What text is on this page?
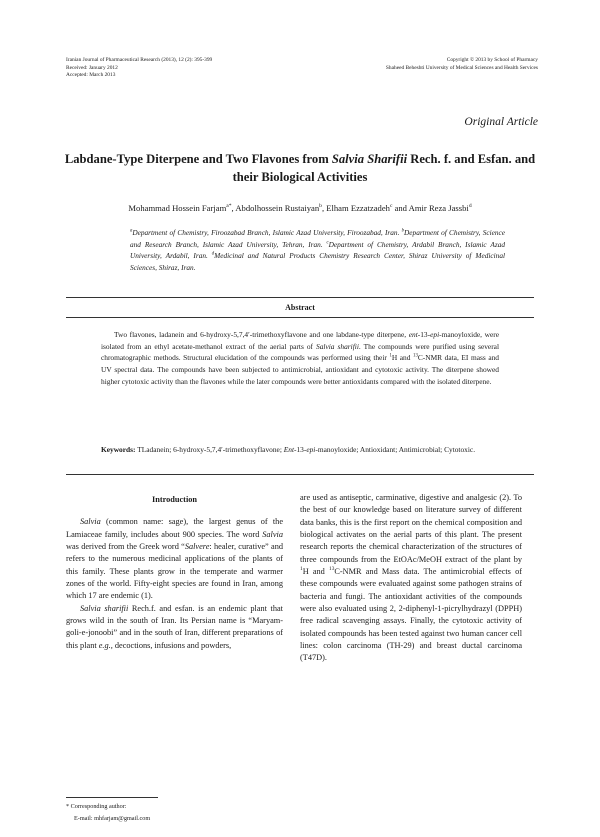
Iranian Journal of Pharmaceutical Research (2013), 12 (2): 395-399
Received: January 2012
Accepted: March 2013
Copyright © 2013 by School of Pharmacy
Shaheed Beheshti University of Medical Sciences and Health Services
Original Article
Labdane-Type Diterpene and Two Flavones from Salvia Sharifii Rech. f. and Esfan. and their Biological Activities
Mohammad Hossein Farjam$^{a*}$, Abdolhossein Rustaiyan$^b$, Elham Ezzatzadeh$^c$ and Amir Reza Jassbi$^d$
$^a$Department of Chemistry, Firoozabad Branch, Islamic Azad University, Firoozabad, Iran. $^b$Department of Chemistry, Science and Research Branch, Islamic Azad University, Tehran, Iran. $^c$Department of Chemistry, Ardabil Branch, Islamic Azad University, Ardabil, Iran. $^d$Medicinal and Natural Products Chemistry Research Center, Shiraz University of Medicinal Sciences, Shiraz, Iran.
Abstract
Two flavones, ladanein and 6-hydroxy-5,7,4′-trimethoxyflavone and one labdane-type diterpene, ent-13-epi-manoyloxide, were isolated from an ethyl acetate-methanol extract of the aerial parts of Salvia sharifii. The compounds were purified using several chromatographic methods. Structural elucidation of the compounds was performed using their $^1$H and $^{13}$C-NMR data, EI mass and UV spectral data. The compounds have been subjected to antimicrobial, antioxidant and cytotoxic activity. The diterpene showed higher cytotoxic activity than the flavones while the later compounds were better antioxidants compared with the isolated diterpene.
Keywords: TLadanein; 6-hydroxy-5,7,4′-trimethoxyflavone; Ent-13-epi-manoyloxide; Antioxidant; Antimicrobial; Cytotoxic.
Introduction

Salvia (common name: sage), the largest genus of the Lamiaceae family, includes about 900 species. The word Salvia was derived from the Greek word “Salvere: healer, curative” and refers to the numerous medicinal applications of the plants of this family. These plants grow in the temperate and warmer zones of the world. Fifty-eight species are found in Iran, among which 17 are endemic (1).

Salvia sharifii Rech.f. and esfan. is an endemic plant that grows wild in the south of Iran. Its Persian name is “Maryam-goli-e-jonoobi” and in the south of Iran, different preparations of this plant e.g., decoctions, infusions and powders,

are used as antiseptic, carminative, digestive and analgesic (2). To the best of our knowledge based on literature survey of different data banks, this is the first report on the chemical composition and biological activates on the aerial parts of this plant. The present research reports the chemical characterization of the structures of three compounds from the EtOAc/MeOH extract of the plant by $^1$H and $^{13}$C-NMR and Mass data. The antimicrobial effects of these compounds were evaluated against some pathogen strains of bacteria and fungi. The antioxidant activities of the compounds were also evaluated using 2, 2-diphenyl-1-picrylhydrazyl (DPPH) free radical scavenging assays. Finally, the cytotoxic activity of isolated compounds has been tested against two human cancer cell lines: colon carcinoma (TH-29) and breast ductal carcinoma (T47D).

* Corresponding author:
E-mail: mhfarjam@gmail.com
